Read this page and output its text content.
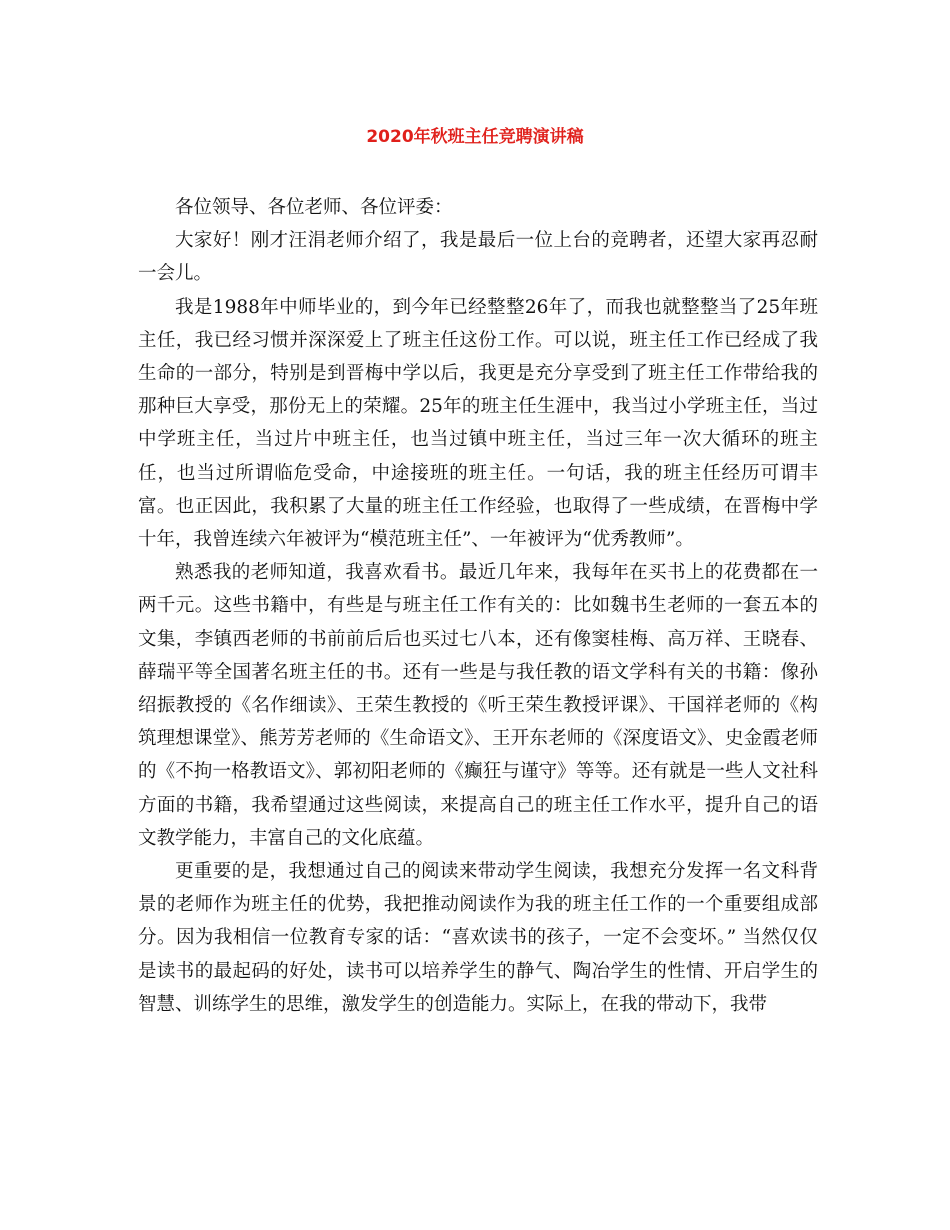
2020年秋班主任竞聘演讲稿

各位领导、各位老师、各位评委：

大家好！刚才汪涓老师介绍了，我是最后一位上台的竞聘者，还望大家再忍耐一会儿。

我是1988年中师毕业的，到今年已经整整26年了，而我也就整整当了25年班主任，我已经习惯并深深爱上了班主任这份工作。可以说，班主任工作已经成了我生命的一部分，特别是到晋梅中学以后，我更是充分享受到了班主任工作带给我的那种巨大享受，那份无上的荣耀。25年的班主任生涯中，我当过小学班主任，当过中学班主任，当过片中班主任，也当过镇中班主任，当过三年一次大循环的班主任，也当过所谓临危受命，中途接班的班主任。一句话，我的班主任经历可谓丰富。也正因此，我积累了大量的班主任工作经验，也取得了一些成绩，在晋梅中学十年，我曾连续六年被评为“模范班主任”、一年被评为“优秀教师”。

熟悉我的老师知道，我喜欢看书。最近几年来，我每年在买书上的花费都在一两千元。这些书籍中，有些是与班主任工作有关的：比如魏书生老师的一套五本的文集，李镇西老师的书前前后后也买过七八本，还有像窦桂梅、高万祥、王晓春、薛瑞平等全国著名班主任的书。还有一些是与我任教的语文学科有关的书籍：像孙绍振教授的《名作细读》、王荣生教授的《听王荣生教授评课》、干国祥老师的《构筑理想课堂》、熊芳芳老师的《生命语文》、王开东老师的《深度语文》、史金霞老师的《不拘一格教语文》、郭初阳老师的《癫狂与谨守》等等。还有就是一些人文社科方面的书籍，我希望通过这些阅读，来提高自己的班主任工作水平，提升自己的语文教学能力，丰富自己的文化底蕴。

更重要的是，我想通过自己的阅读来带动学生阅读，我想充分发挥一名文科背景的老师作为班主任的优势，我把推动阅读作为我的班主任工作的一个重要组成部分。因为我相信一位教育专家的话：“喜欢读书的孩子，一定不会变坏。” 当然仅仅是读书的最起码的好处，读书可以培养学生的静气、陶冶学生的性情、开启学生的智慧、训练学生的思维，激发学生的创造能力。实际上，在我的带动下，我带
